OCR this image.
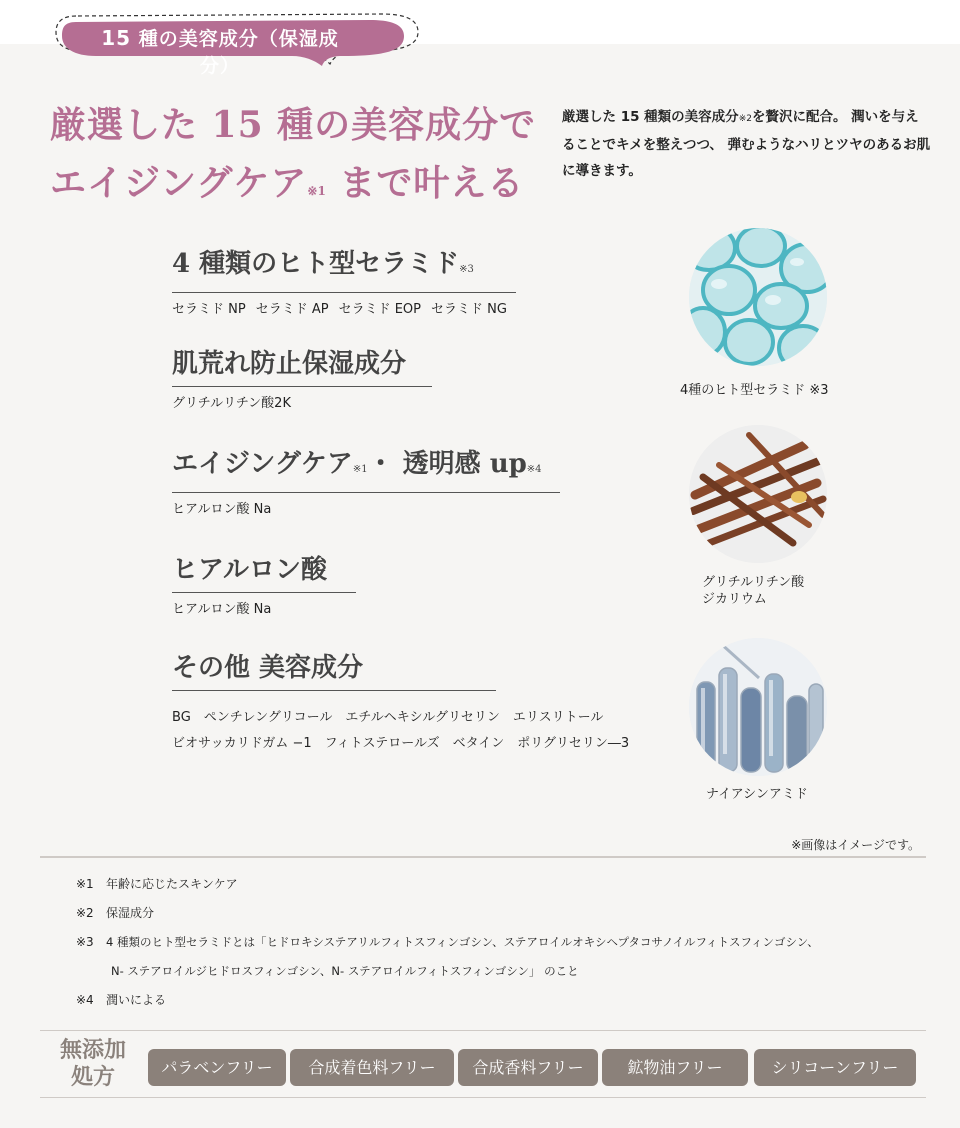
15 種の美容成分（保湿成分）
厳選した 15 種の美容成分で
エイジングケア※1 まで叶える
厳選した 15 種類の美容成分※2を贅沢に配合。 潤いを与えることでキメを整えつつ、 弾むようなハリとツヤのあるお肌に導きます。
4 種類のヒト型セラミド※3
セラミド NP セラミド AP セラミド EOP セラミド NG
肌荒れ防止保湿成分
グリチルリチン酸2K
エイジングケア※1・ 透明感 up※4
ヒアルロン酸 Na
ヒアルロン酸
ヒアルロン酸 Na
その他 美容成分
BG　ペンチレングリコール　エチルヘキシルグリセリン　エリスリトール
ビオサッカリドガム −1　フィトステロールズ　ベタイン　ポリグリセリン―3
4種のヒト型セラミド ※3
グリチルリチン酸
ジカリウム
ナイアシンアミド
※画像はイメージです。
※1 年齢に応じたスキンケア
※2 保湿成分
※3 4 種類のヒト型セラミドとは「ヒドロキシステアリルフィトスフィンゴシン、ステアロイルオキシヘプタコサノイルフィトスフィンゴシン、
N- ステアロイルジヒドロスフィンゴシン、N- ステアロイルフィトスフィンゴシン」 のこと
※4 潤いによる
無添加
処方	パラベンフリー	合成着色料フリー	合成香料フリー	鉱物油フリー	シリコーンフリー
